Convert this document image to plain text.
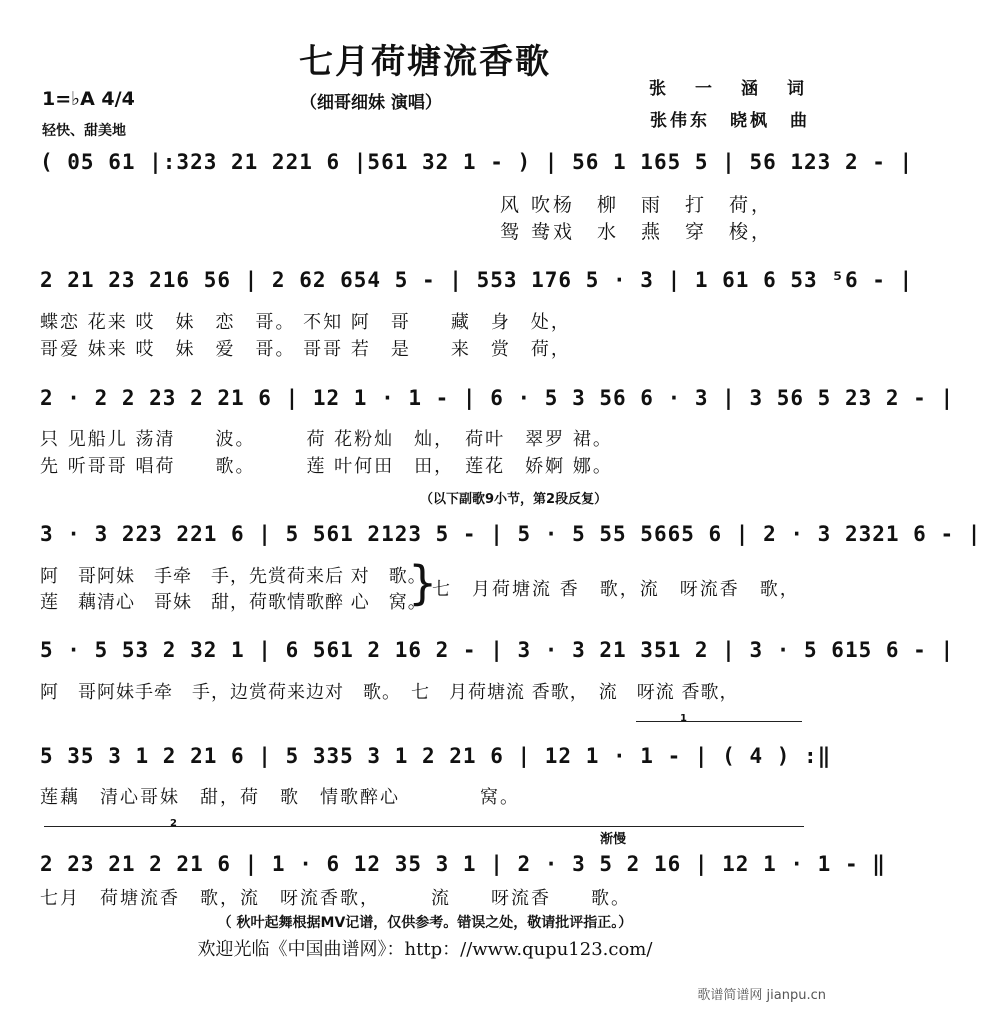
七月荷塘流香歌
（细哥细妹 演唱）
张　一　涵　词
张伟东　晓枫　曲
1=♭A 4/4
轻快、甜美地
( 05 61 |:323 21 221 6 |561 32 1 - ) | 56 1 165 5 | 56 123 2 - |
风 吹杨　柳　雨　打　荷，
鸳 鸯戏　水　燕　穿　梭，
2 21 23 216 56 | 2 62 654 5 - | 553 176 5 · 3 | 1 61 6 53 ⁵6 - |
蝶恋 花来 哎　妹　恋　哥。 不知 阿　哥　　藏　身　处，
哥爱 妹来 哎　妹　爱　哥。 哥哥 若　是　　来　赏　荷，
2 · 2 2 23 2 21 6 | 12 1 · 1 - | 6 · 5 3 56 6 · 3 | 3 56 5 23 2 - |
只 见船儿 荡清　　波。　　　荷 花粉灿　灿，　荷叶　翠罗 裙。
先 听哥哥 唱荷　　歌。　　　莲 叶何田　田，　莲花　娇婀 娜。
（以下副歌9小节，第2段反复）
3 · 3 223 221 6 | 5 561 2123 5 - | 5 · 5 55 5665 6 | 2 · 3 2321 6 - |
阿　哥阿妹　手牵　手，先赏荷来后 对　歌。
莲　藕清心　哥妹　甜，荷歌情歌醉 心　窝。
}
七　月荷塘流 香　歌，流　呀流香　歌，
5 · 5 53 2 32 1 | 6 561 2 16 2 - | 3 · 3 21 351 2 | 3 · 5 615 6 - |
阿　哥阿妹手牵　手，边赏荷来边对　歌。　七　月荷塘流 香歌，　流　呀流 香歌，
1
5 35 3 1 2 21 6 | 5 335 3 1 2 21 6 | 12 1 · 1 - | ( 4 ) :‖
莲藕　清心哥妹　甜，荷　歌　情歌醉心　　　　窝。
2
渐慢
2 23 21 2 21 6 | 1 · 6 12 35 3 1 | 2 · 3 5 2 16 | 12 1 · 1 - ‖
七月　荷塘流香　歌，流　呀流香歌，　　　流　　呀流香　　歌。
（ 秋叶起舞根据MV记谱，仅供参考。错误之处，敬请批评指正。）
欢迎光临《中国曲谱网》：http：//www.qupu123.com/
歌谱简谱网 jianpu.cn
